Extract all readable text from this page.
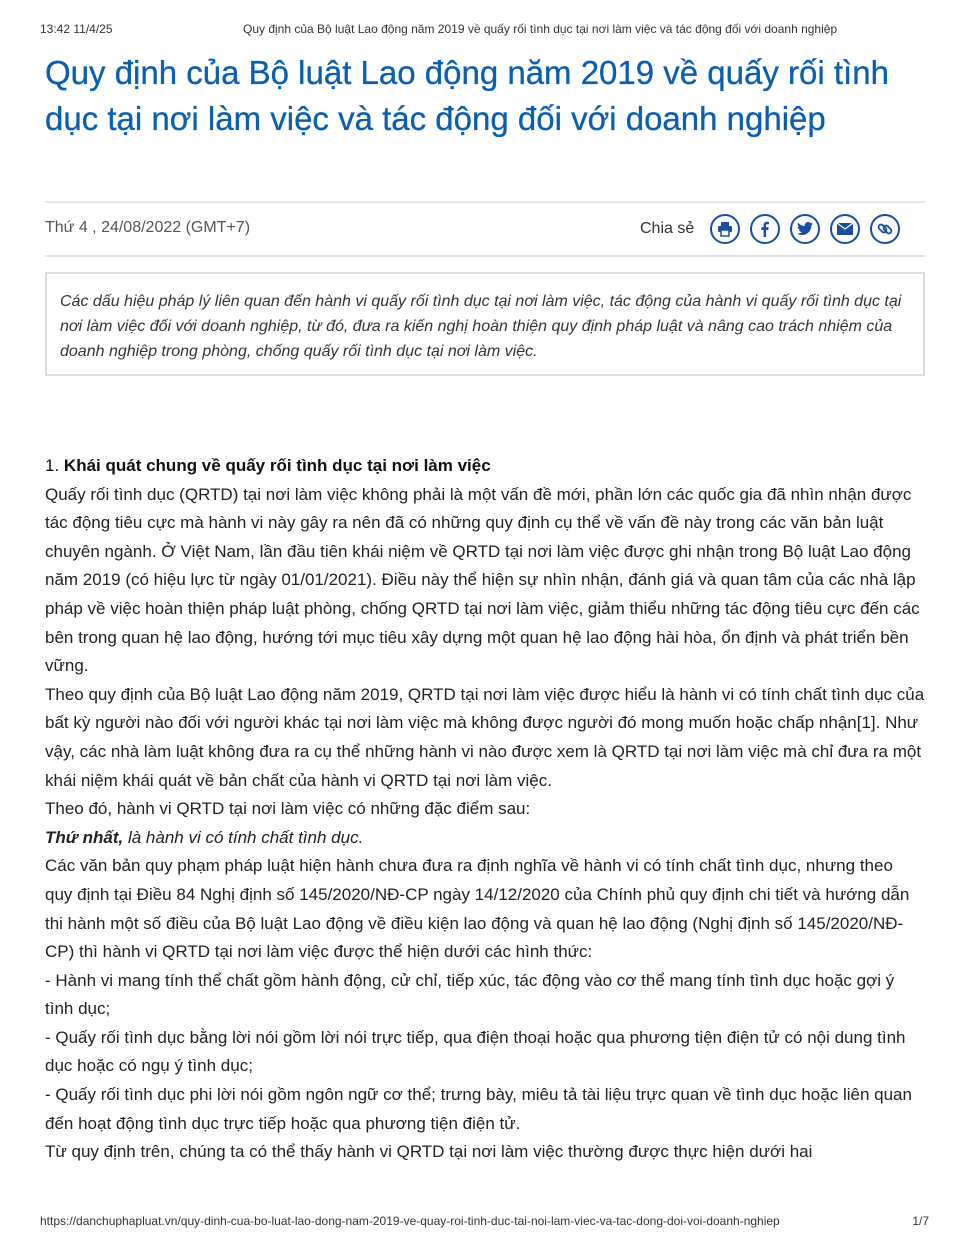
13:42 11/4/25	Quy định của Bộ luật Lao động năm 2019 về quấy rối tình dục tại nơi làm việc và tác động đối với doanh nghiệp
Quy định của Bộ luật Lao động năm 2019 về quấy rối tình dục tại nơi làm việc và tác động đối với doanh nghiệp
Thứ 4 , 24/08/2022 (GMT+7)	Chia sẻ
Các dấu hiệu pháp lý liên quan đến hành vi quấy rối tình dục tại nơi làm việc, tác động của hành vi quấy rối tình dục tại nơi làm việc đối với doanh nghiệp, từ đó, đưa ra kiến nghị hoàn thiện quy định pháp luật và nâng cao trách nhiệm của doanh nghiệp trong phòng, chống quấy rối tình dục tại nơi làm việc.

1. Khái quát chung về quấy rối tình dục tại nơi làm việc

Quấy rối tình dục (QRTD) tại nơi làm việc không phải là một vấn đề mới, phần lớn các quốc gia đã nhìn nhận được tác động tiêu cực mà hành vi này gây ra nên đã có những quy định cụ thể về vấn đề này trong các văn bản luật chuyên ngành. Ở Việt Nam, lần đầu tiên khái niệm về QRTD tại nơi làm việc được ghi nhận trong Bộ luật Lao động năm 2019 (có hiệu lực từ ngày 01/01/2021). Điều này thể hiện sự nhìn nhận, đánh giá và quan tâm của các nhà lập pháp về việc hoàn thiện pháp luật phòng, chống QRTD tại nơi làm việc, giảm thiểu những tác động tiêu cực đến các bên trong quan hệ lao động, hướng tới mục tiêu xây dựng một quan hệ lao động hài hòa, ổn định và phát triển bền vững.

Theo quy định của Bộ luật Lao động năm 2019, QRTD tại nơi làm việc được hiểu là hành vi có tính chất tình dục của bất kỳ người nào đối với người khác tại nơi làm việc mà không được người đó mong muốn hoặc chấp nhận[1]. Như vậy, các nhà làm luật không đưa ra cụ thể những hành vi nào được xem là QRTD tại nơi làm việc mà chỉ đưa ra một khái niệm khái quát về bản chất của hành vi QRTD tại nơi làm việc.

Theo đó, hành vi QRTD tại nơi làm việc có những đặc điểm sau:

Thứ nhất, là hành vi có tính chất tình dục.

Các văn bản quy phạm pháp luật hiện hành chưa đưa ra định nghĩa về hành vi có tính chất tình dục, nhưng theo quy định tại Điều 84 Nghị định số 145/2020/NĐ-CP ngày 14/12/2020 của Chính phủ quy định chi tiết và hướng dẫn thi hành một số điều của Bộ luật Lao động về điều kiện lao động và quan hệ lao động (Nghị định số 145/2020/NĐ-CP) thì hành vi QRTD tại nơi làm việc được thể hiện dưới các hình thức:

- Hành vi mang tính thể chất gồm hành động, cử chỉ, tiếp xúc, tác động vào cơ thể mang tính tình dục hoặc gợi ý tình dục;

- Quấy rối tình dục bằng lời nói gồm lời nói trực tiếp, qua điện thoại hoặc qua phương tiện điện tử có nội dung tình dục hoặc có ngụ ý tình dục;

- Quấy rối tình dục phi lời nói gồm ngôn ngữ cơ thể; trưng bày, miêu tả tài liệu trực quan về tình dục hoặc liên quan đến hoạt động tình dục trực tiếp hoặc qua phương tiện điện tử.

Từ quy định trên, chúng ta có thể thấy hành vi QRTD tại nơi làm việc thường được thực hiện dưới hai

https://danchuphapluat.vn/quy-dinh-cua-bo-luat-lao-dong-nam-2019-ve-quay-roi-tinh-duc-tai-noi-lam-viec-va-tac-dong-doi-voi-doanh-nghiep	1/7
